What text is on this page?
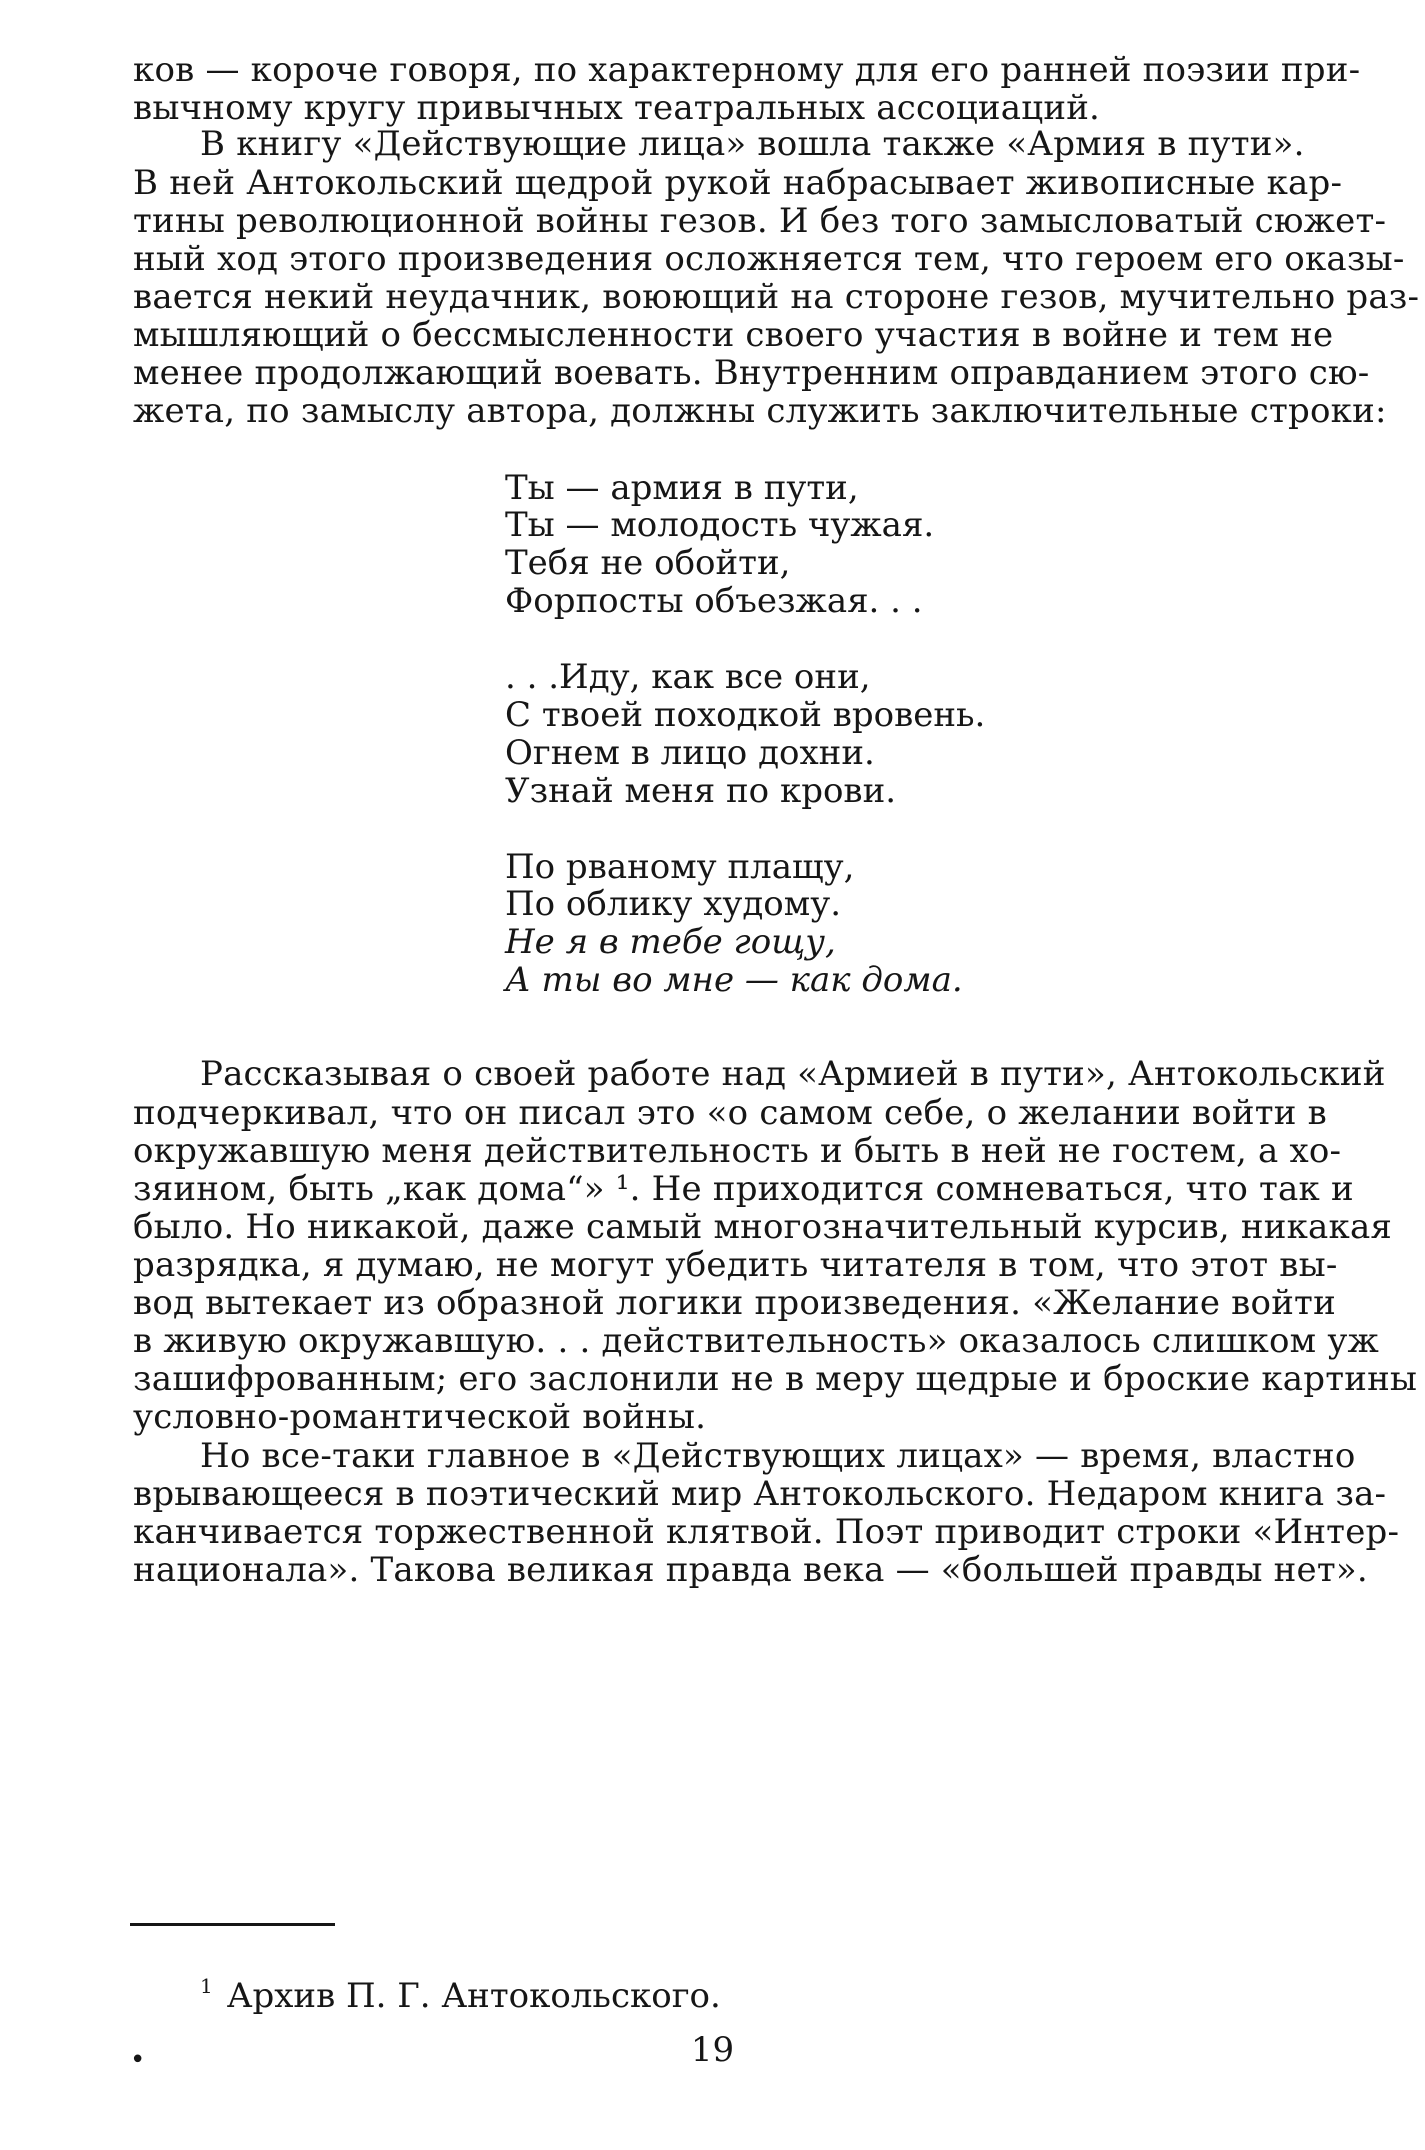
ков — короче говоря, по характерному для его ранней поэзии при-
вычному кругу привычных театральных ассоциаций.
В книгу «Действующие лица» вошла также «Армия в пути».
В ней Антокольский щедрой рукой набрасывает живописные кар-
тины революционной войны гезов. И без того замысловатый сюжет-
ный ход этого произведения осложняется тем, что героем его оказы-
вается некий неудачник, воюющий на стороне гезов, мучительно раз-
мышляющий о бессмысленности своего участия в войне и тем не
менее продолжающий воевать. Внутренним оправданием этого сю-
жета, по замыслу автора, должны служить заключительные строки:
Ты — армия в пути,
Ты — молодость чужая.
Тебя не обойти,
Форпосты объезжая. . .
. . .Иду, как все они,
С твоей походкой вровень.
Огнем в лицо дохни.
Узнай меня по крови.
По рваному плащу,
По облику худому.
Не я в тебе гощу,
А ты во мне — как дома.
Рассказывая о своей работе над «Армией в пути», Антокольский
подчеркивал, что он писал это «о самом себе, о желании войти в
окружавшую меня действительность и быть в ней не гостем, а хо-
зяином, быть „как дома“» ¹. Не приходится сомневаться, что так и
было. Но никакой, даже самый многозначительный курсив, никакая
разрядка, я думаю, не могут убедить читателя в том, что этот вы-
вод вытекает из образной логики произведения. «Желание войти
в живую окружавшую. . . действительность» оказалось слишком уж
зашифрованным; его заслонили не в меру щедрые и броские картины
условно-романтической войны.
Но все-таки главное в «Действующих лицах» — время, властно
врывающееся в поэтический мир Антокольского. Недаром книга за-
канчивается торжественной клятвой. Поэт приводит строки «Интер-
национала». Такова великая правда века — «большей правды нет».
$^1$ Архив П. Г. Антокольского.
•	19
